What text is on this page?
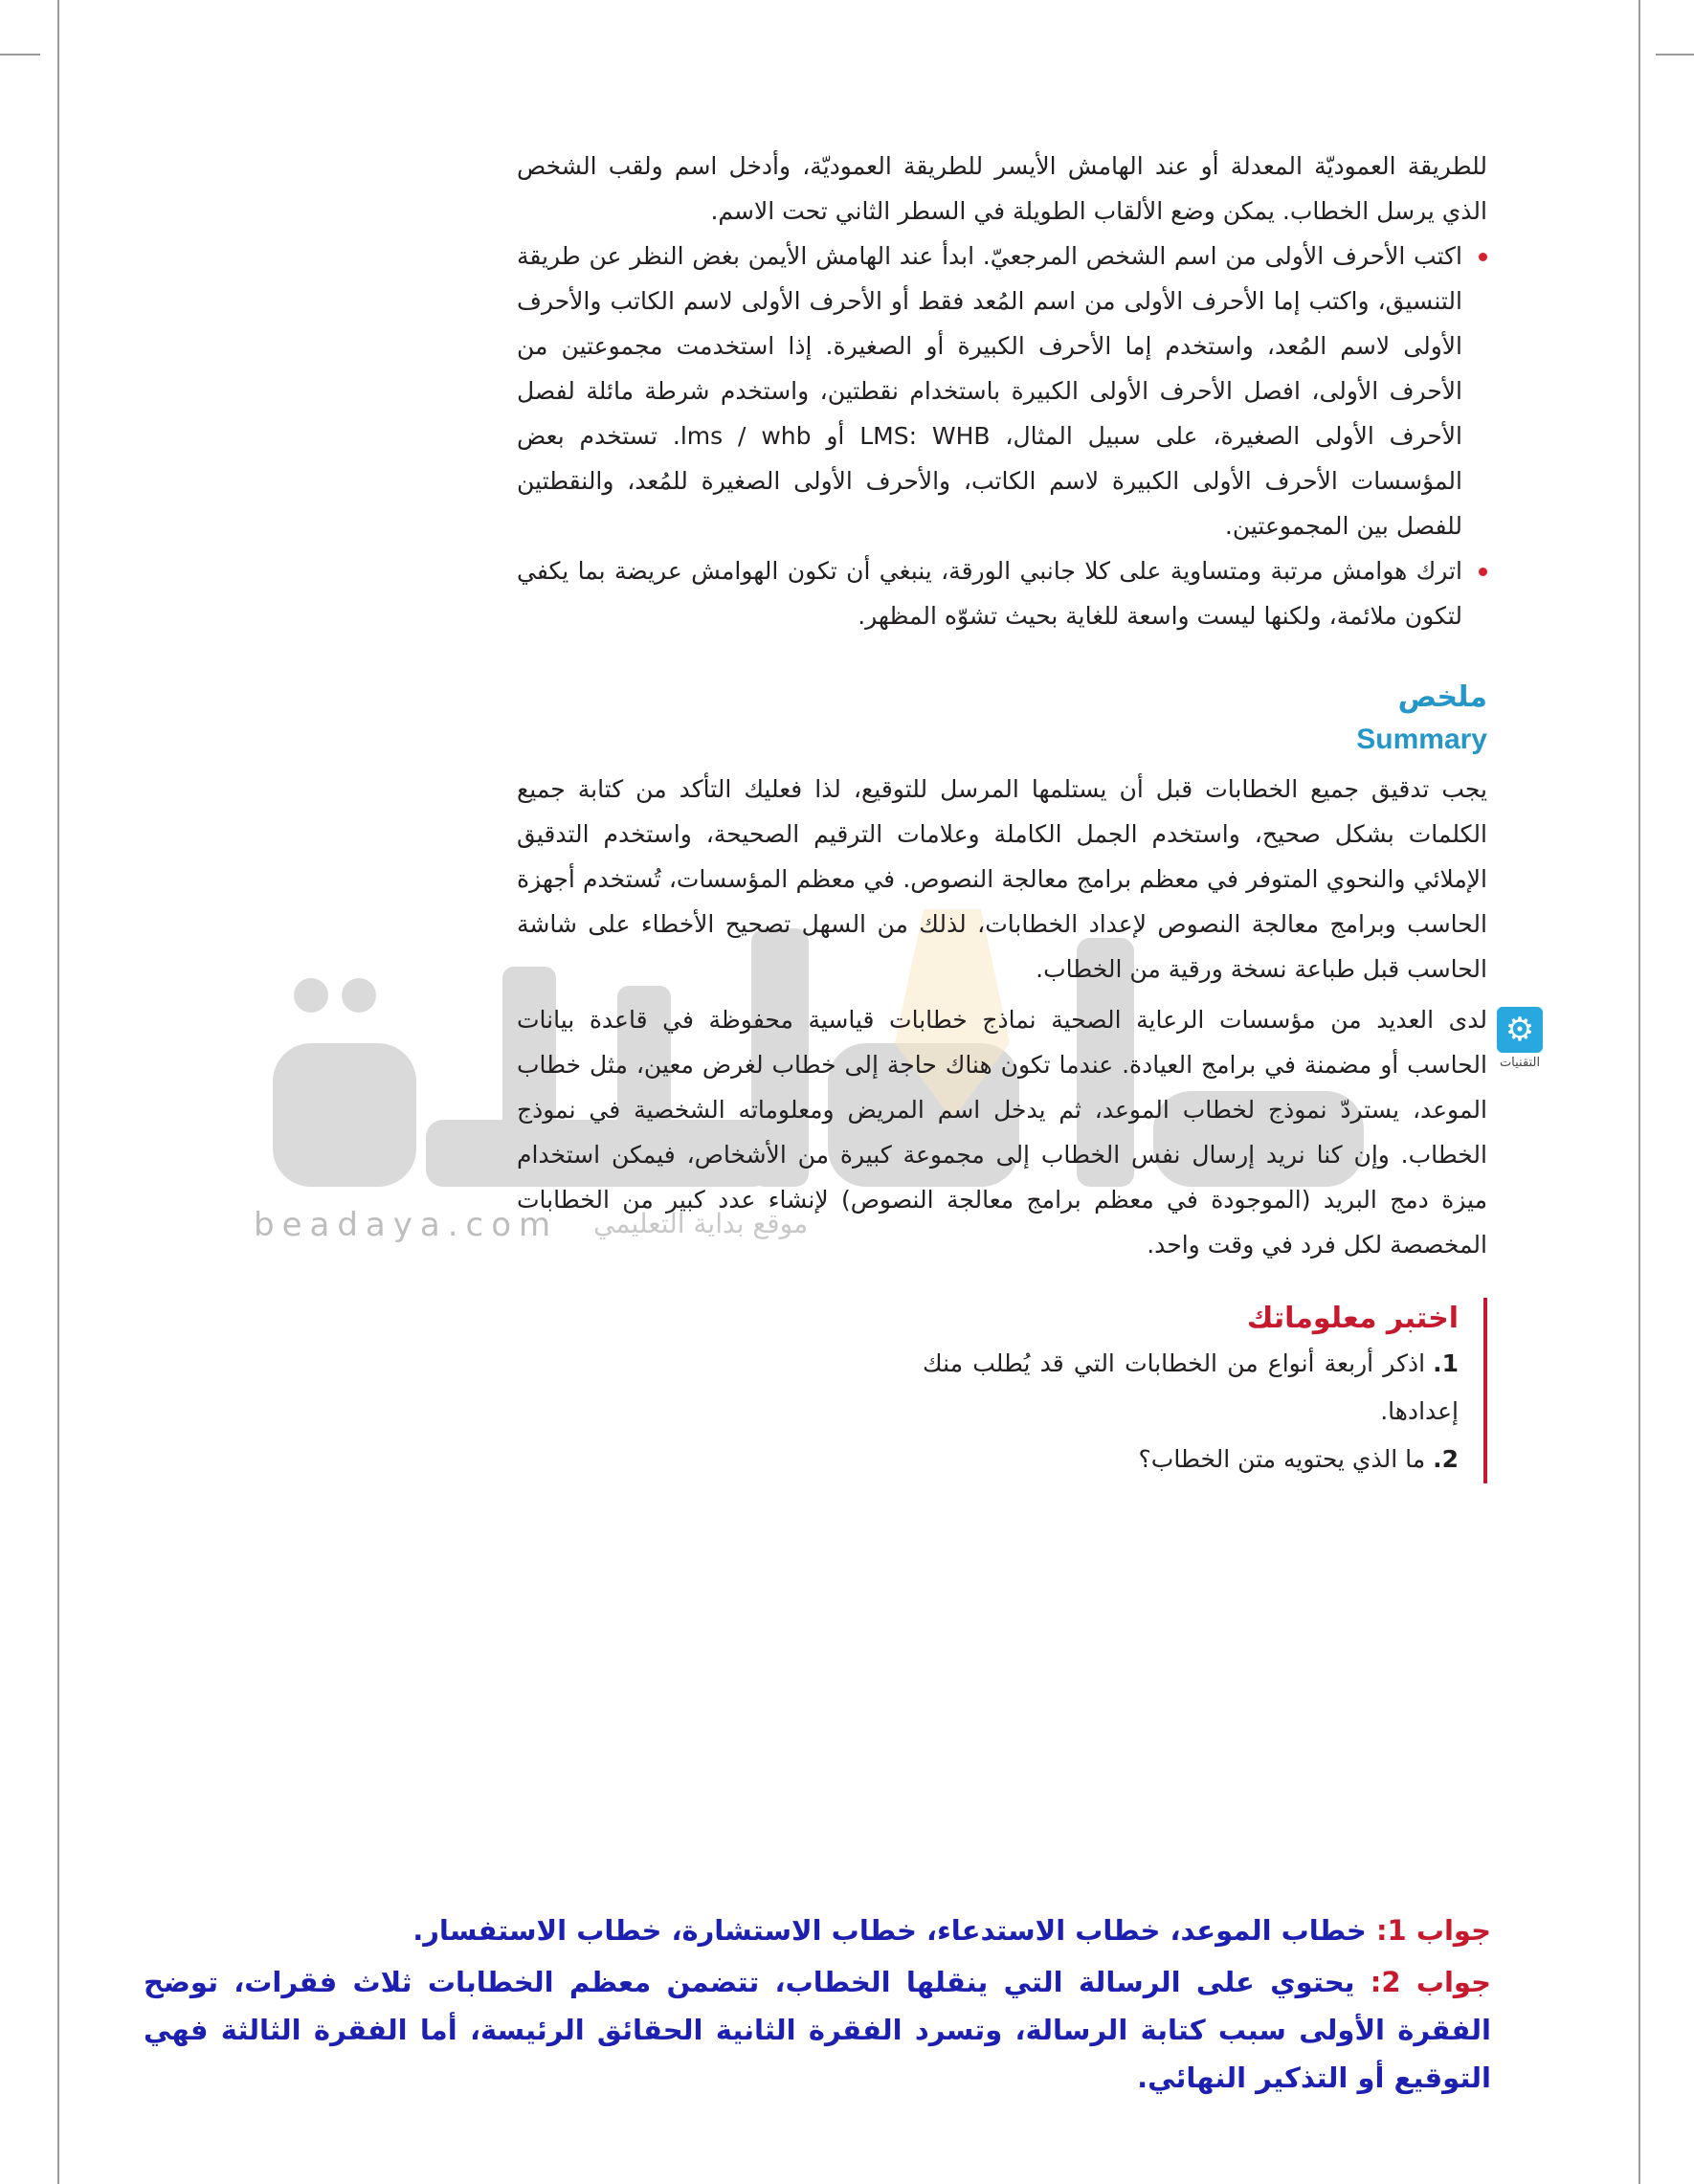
beadaya.com موقع بداية التعليمي

للطريقة العموديّة المعدلة أو عند الهامش الأيسر للطريقة العموديّة، وأدخل اسم ولقب الشخص الذي يرسل الخطاب. يمكن وضع الألقاب الطويلة في السطر الثاني تحت الاسم.

اكتب الأحرف الأولى من اسم الشخص المرجعيّ. ابدأ عند الهامش الأيمن بغض النظر عن طريقة التنسيق، واكتب إما الأحرف الأولى من اسم المُعد فقط أو الأحرف الأولى لاسم الكاتب والأحرف الأولى لاسم المُعد، واستخدم إما الأحرف الكبيرة أو الصغيرة. إذا استخدمت مجموعتين من الأحرف الأولى، افصل الأحرف الأولى الكبيرة باستخدام نقطتين، واستخدم شرطة مائلة لفصل الأحرف الأولى الصغيرة، على سبيل المثال، LMS: WHB أو lms / whb. تستخدم بعض المؤسسات الأحرف الأولى الكبيرة لاسم الكاتب، والأحرف الأولى الصغيرة للمُعد، والنقطتين للفصل بين المجموعتين.

اترك هوامش مرتبة ومتساوية على كلا جانبي الورقة، ينبغي أن تكون الهوامش عريضة بما يكفي لتكون ملائمة، ولكنها ليست واسعة للغاية بحيث تشوّه المظهر.

ملخص
Summary

يجب تدقيق جميع الخطابات قبل أن يستلمها المرسل للتوقيع، لذا فعليك التأكد من كتابة جميع الكلمات بشكل صحيح، واستخدم الجمل الكاملة وعلامات الترقيم الصحيحة، واستخدم التدقيق الإملائي والنحوي المتوفر في معظم برامج معالجة النصوص. في معظم المؤسسات، تُستخدم أجهزة الحاسب وبرامج معالجة النصوص لإعداد الخطابات، لذلك من السهل تصحيح الأخطاء على شاشة الحاسب قبل طباعة نسخة ورقية من الخطاب.

⚙
التقنيات

لدى العديد من مؤسسات الرعاية الصحية نماذج خطابات قياسية محفوظة في قاعدة بيانات الحاسب أو مضمنة في برامج العيادة. عندما تكون هناك حاجة إلى خطاب لغرض معين، مثل خطاب الموعد، يستردّ نموذج لخطاب الموعد، ثم يدخل اسم المريض ومعلوماته الشخصية في نموذج الخطاب. وإن كنا نريد إرسال نفس الخطاب إلى مجموعة كبيرة من الأشخاص، فيمكن استخدام ميزة دمج البريد (الموجودة في معظم برامج معالجة النصوص) لإنشاء عدد كبير من الخطابات المخصصة لكل فرد في وقت واحد.

اختبر معلوماتك
1.اذكر أربعة أنواع من الخطابات التي قد يُطلب منك إعدادها.
2.ما الذي يحتويه متن الخطاب؟

جواب 1: خطاب الموعد، خطاب الاستدعاء، خطاب الاستشارة، خطاب الاستفسار.

جواب 2: يحتوي على الرسالة التي ينقلها الخطاب، تتضمن معظم الخطابات ثلاث فقرات، توضح الفقرة الأولى سبب كتابة الرسالة، وتسرد الفقرة الثانية الحقائق الرئيسة، أما الفقرة الثالثة فهي التوقيع أو التذكير النهائي.
